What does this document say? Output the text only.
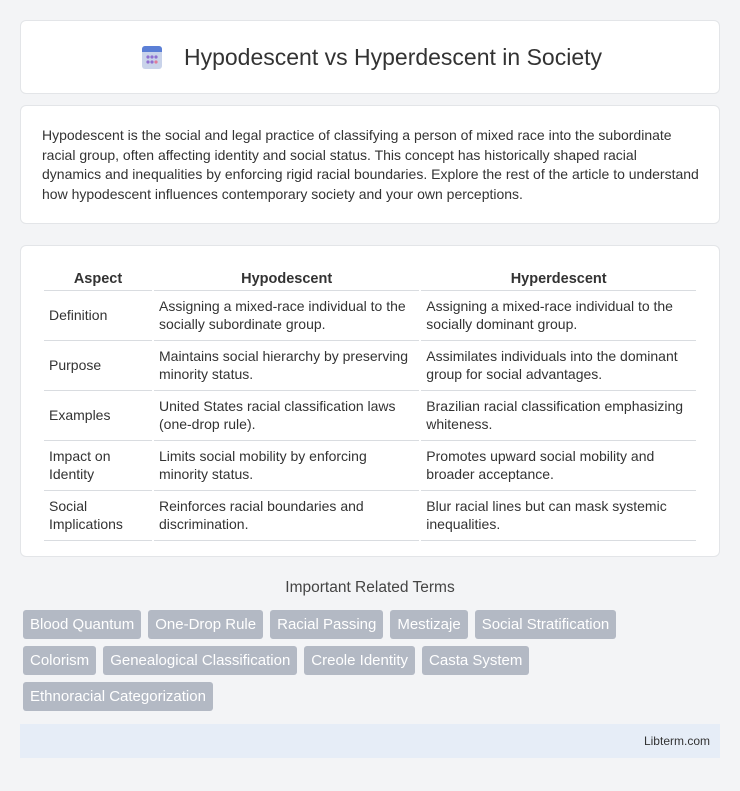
Hypodescent vs Hyperdescent in Society

Hypodescent is the social and legal practice of classifying a person of mixed race into the subordinate racial group, often affecting identity and social status. This concept has historically shaped racial dynamics and inequalities by enforcing rigid racial boundaries. Explore the rest of the article to understand how hypodescent influences contemporary society and your own perceptions.

Aspect	Hypodescent	Hyperdescent
Definition	Assigning a mixed-race individual to the socially subordinate group.	Assigning a mixed-race individual to the socially dominant group.
Purpose	Maintains social hierarchy by preserving minority status.	Assimilates individuals into the dominant group for social advantages.
Examples	United States racial classification laws (one-drop rule).	Brazilian racial classification emphasizing whiteness.
Impact on Identity	Limits social mobility by enforcing minority status.	Promotes upward social mobility and broader acceptance.
Social Implications	Reinforces racial boundaries and discrimination.	Blur racial lines but can mask systemic inequalities.
Important Related Terms
Blood Quantum	One-Drop Rule	Racial Passing	Mestizaje	Social Stratification
Colorism	Genealogical Classification	Creole Identity	Casta System
Ethnoracial Categorization
Libterm.com
